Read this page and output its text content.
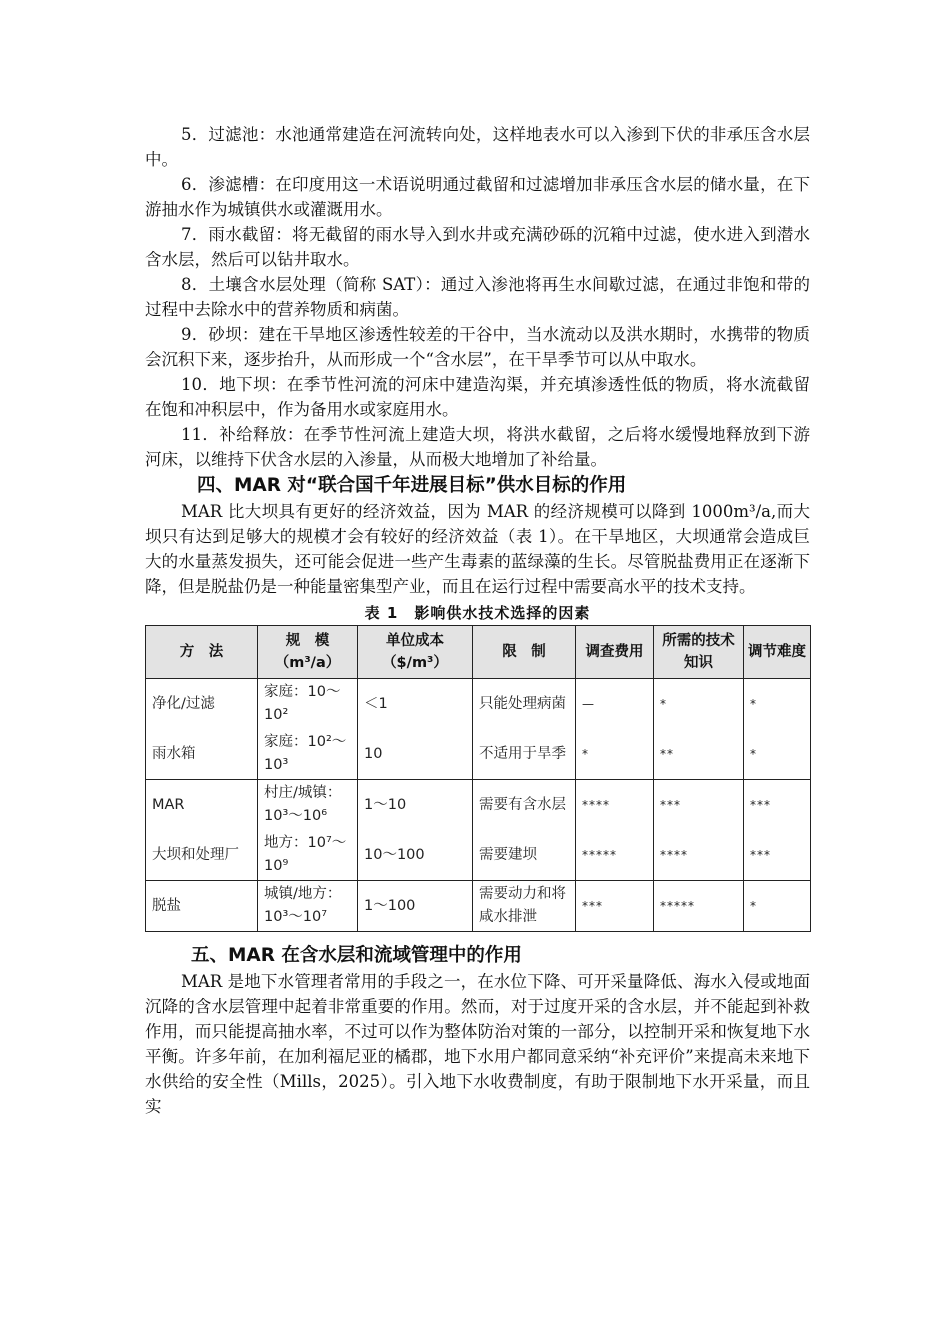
5．过滤池：水池通常建造在河流转向处，这样地表水可以入渗到下伏的非承压含水层中。

6．渗滤槽：在印度用这一术语说明通过截留和过滤增加非承压含水层的储水量，在下游抽水作为城镇供水或灌溉用水。

7．雨水截留：将无截留的雨水导入到水井或充满砂砾的沉箱中过滤，使水进入到潜水含水层，然后可以钻井取水。

8．土壤含水层处理（简称 SAT）：通过入渗池将再生水间歇过滤，在通过非饱和带的过程中去除水中的营养物质和病菌。

9．砂坝：建在干旱地区渗透性较差的干谷中，当水流动以及洪水期时，水携带的物质会沉积下来，逐步抬升，从而形成一个“含水层”，在干旱季节可以从中取水。

10．地下坝：在季节性河流的河床中建造沟渠，并充填渗透性低的物质，将水流截留在饱和冲积层中，作为备用水或家庭用水。

11．补给释放：在季节性河流上建造大坝，将洪水截留，之后将水缓慢地释放到下游河床，以维持下伏含水层的入渗量，从而极大地增加了补给量。

四、MAR 对“联合国千年进展目标”供水目标的作用

MAR 比大坝具有更好的经济效益，因为 MAR 的经济规模可以降到 1000m³/a,而大坝只有达到足够大的规模才会有较好的经济效益（表 1）。在干旱地区，大坝通常会造成巨大的水量蒸发损失，还可能会促进一些产生毒素的蓝绿藻的生长。尽管脱盐费用正在逐渐下降，但是脱盐仍是一种能量密集型产业，而且在运行过程中需要高水平的技术支持。

表 1　影响供水技术选择的因素
方　法	规　模（m³/a）	单位成本（$/m³）	限　制	调查费用	所需的技术知识	调节难度
净化/过滤	家庭：10～10²	＜1	只能处理病菌	—	*	*
雨水箱	家庭：10²～10³	10	不适用于旱季	*	**	*
MAR	村庄/城镇：10³～10⁶	1～10	需要有含水层	****	***	***
大坝和处理厂	地方：10⁷～10⁹	10～100	需要建坝	*****	****	***
脱盐	城镇/地方：10³～10⁷	1～100	需要动力和将咸水排泄	***	*****	*
五、MAR 在含水层和流域管理中的作用

MAR 是地下水管理者常用的手段之一，在水位下降、可开采量降低、海水入侵或地面沉降的含水层管理中起着非常重要的作用。然而，对于过度开采的含水层，并不能起到补救作用，而只能提高抽水率，不过可以作为整体防治对策的一部分，以控制开采和恢复地下水平衡。许多年前，在加利福尼亚的橘郡，地下水用户都同意采纳“补充评价”来提高未来地下水供给的安全性（Mills，2025）。引入地下水收费制度，有助于限制地下水开采量，而且实
